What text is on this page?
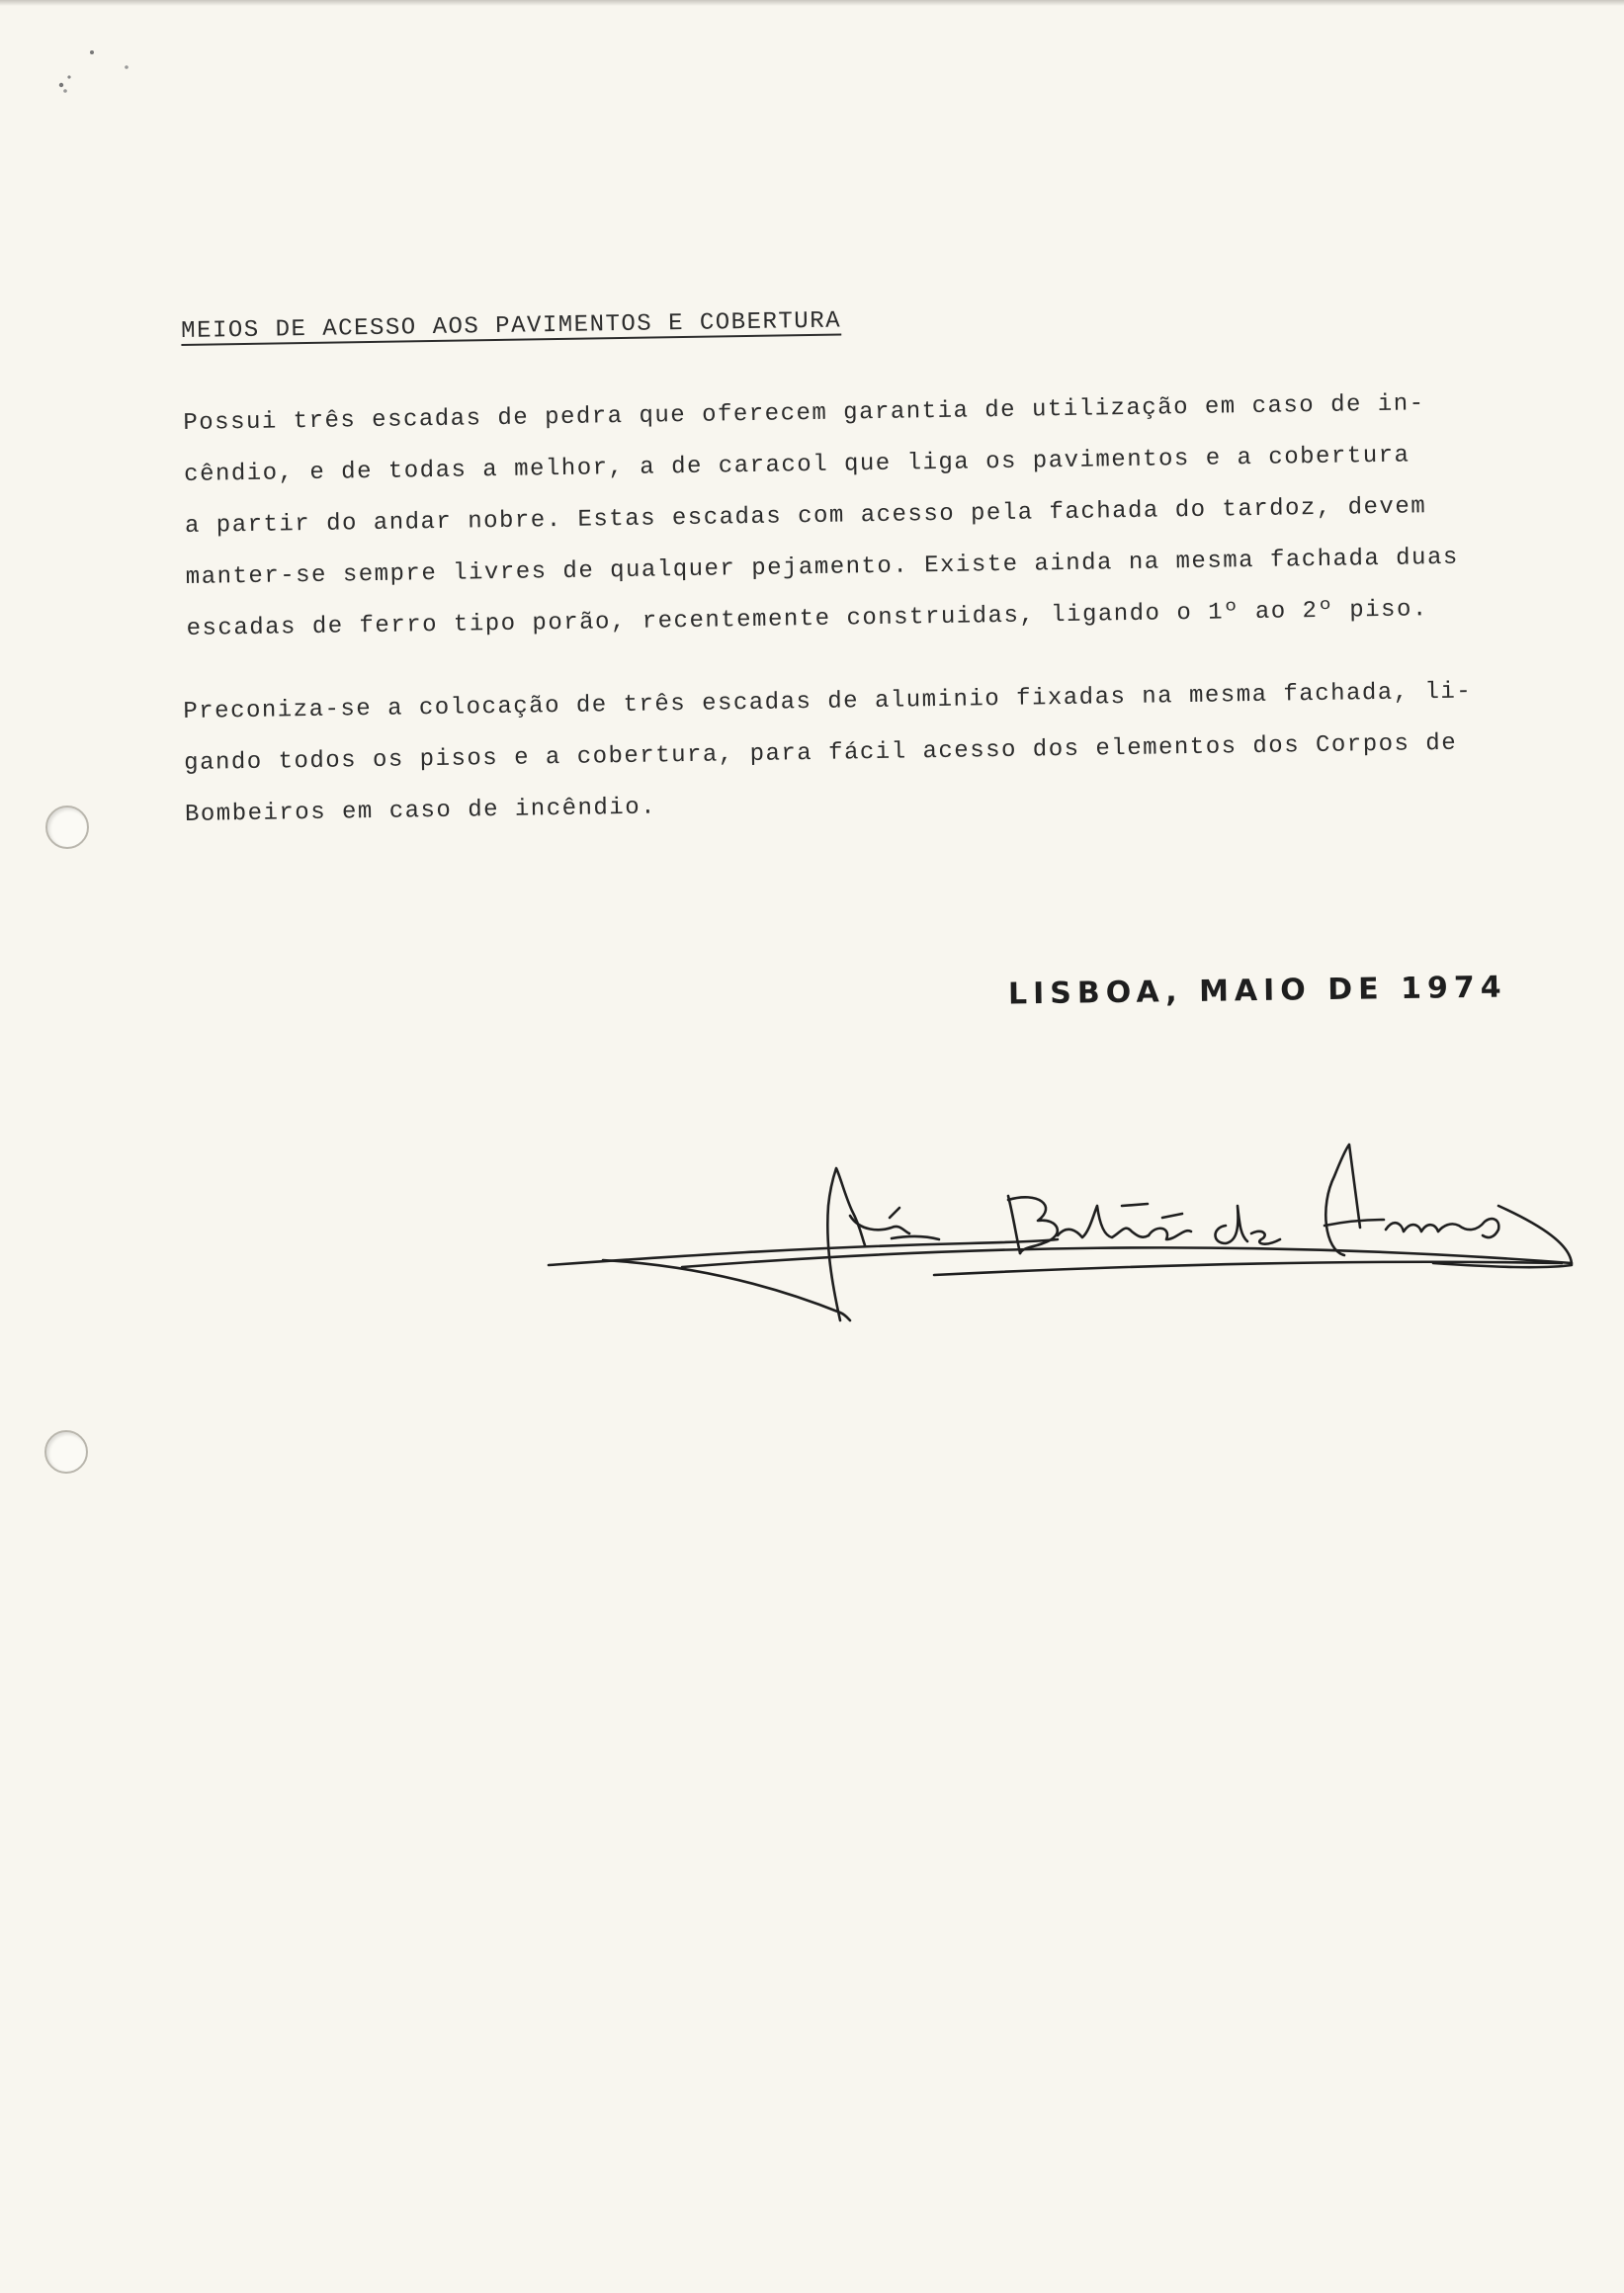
MEIOS DE ACESSO AOS PAVIMENTOS E COBERTURA
Possui três escadas de pedra que oferecem garantia de utilização em caso de in-
cêndio, e de todas a melhor, a de caracol que liga os pavimentos e a cobertura
a partir do andar nobre. Estas escadas com acesso pela fachada do tardoz, devem
manter-se sempre livres de qualquer pejamento. Existe ainda na mesma fachada duas
escadas de ferro tipo porão, recentemente construidas, ligando o 1º ao 2º piso.
Preconiza-se a colocação de três escadas de aluminio fixadas na mesma fachada, li-
gando todos os pisos e a cobertura, para fácil acesso dos elementos dos Corpos de
Bombeiros em caso de incêndio.
LISBOA, MAIO DE 1974
